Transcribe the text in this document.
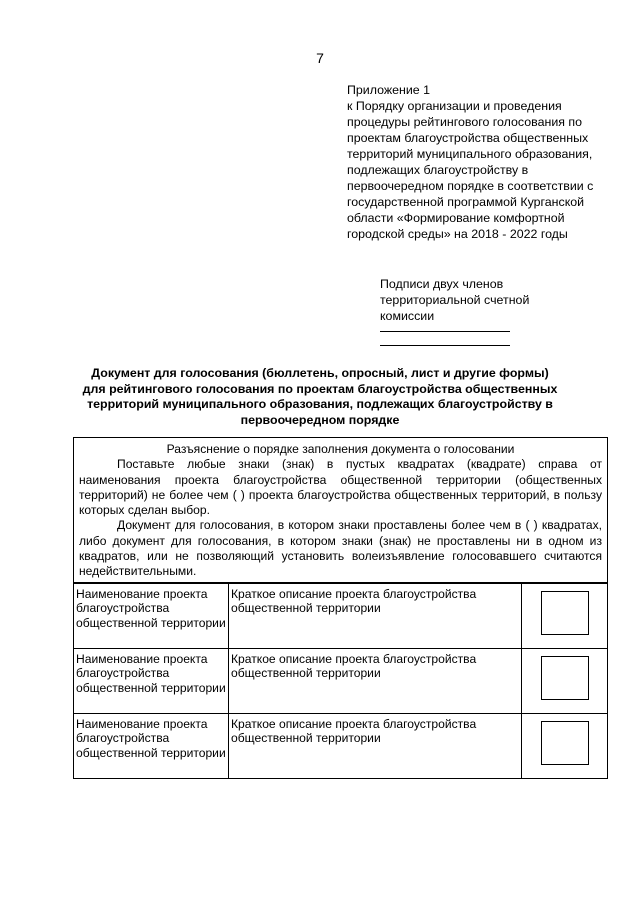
7
Приложение 1
к Порядку организации и проведения
процедуры рейтингового голосования по
проектам благоустройства общественных
территорий муниципального образования,
подлежащих благоустройству в
первоочередном порядке в соответствии с
государственной программой Курганской
области «Формирование комфортной
городской среды» на 2018 - 2022 годы
Подписи двух членов
территориальной счетной
комиссии
Документ для голосования (бюллетень, опросный, лист и другие формы)
для рейтингового голосования по проектам благоустройства общественных
территорий муниципального образования, подлежащих благоустройству в
первоочередном порядке
Разъяснение о порядке заполнения документа о голосовании
Поставьте любые знаки (знак) в пустых квадратах (квадрате) справа от наименования проекта благоустройства общественной территории (общественных территорий) не более чем ( ) проекта благоустройства общественных территорий, в пользу которых сделан выбор.
Документ для голосования, в котором знаки проставлены более чем в ( ) квадратах, либо документ для голосования, в котором знаки (знак) не проставлены ни в одном из квадратов, или не позволяющий установить волеизъявление голосовавшего считаются недействительными.
Наименование проекта благоустройства общественной территории
Краткое описание проекта благоустройства общественной территории
Наименование проекта благоустройства общественной территории
Краткое описание проекта благоустройства общественной территории
Наименование проекта благоустройства общественной территории
Краткое описание проекта благоустройства общественной территории
